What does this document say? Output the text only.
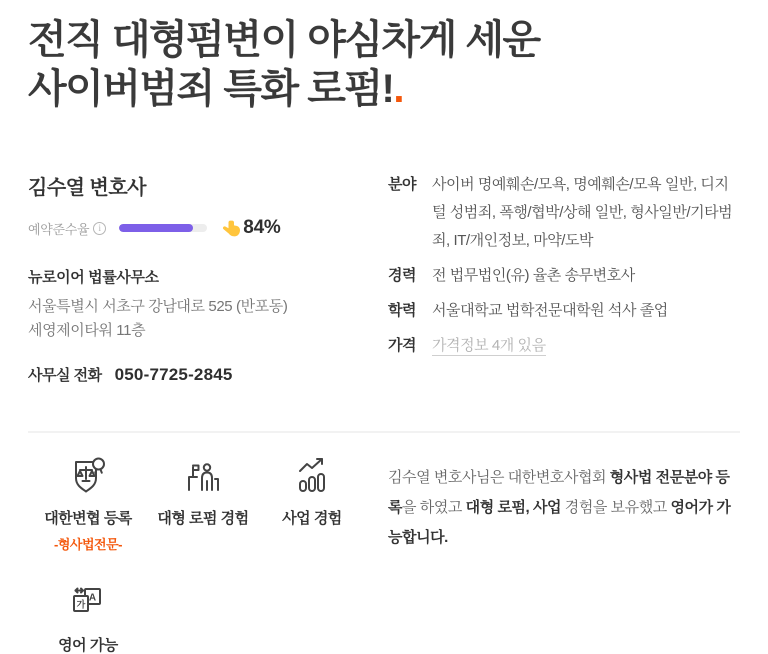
전직 대형펌변이 야심차게 세운
사이버범죄 특화 로펌!.
김수열 변호사
예약준수율	i	84%
뉴로이어 법률사무소
서울특별시 서초구 강남대로 525 (반포동)
세영제이타워 11층
사무실 전화 050-7725-2845
분야	사이버 명예훼손/모욕, 명예훼손/모욕 일반, 디지털 성범죄, 폭행/협박/상해 일반, 형사일반/기타범죄, IT/개인정보, 마약/도박
경력	전 법무법인(유) 율촌 송무변호사
학력	서울대학교 법학전문대학원 석사 졸업
가격	가격정보 4개 있음
대한변협 등록
-형사법전문-
대형 로펌 경험 사업 경험
A
가
영어 가능

김수열 변호사님은 대한변호사협회 형사법 전문분야 등록을 하였고 대형 로펌, 사업 경험을 보유했고 영어가 가능합니다.
